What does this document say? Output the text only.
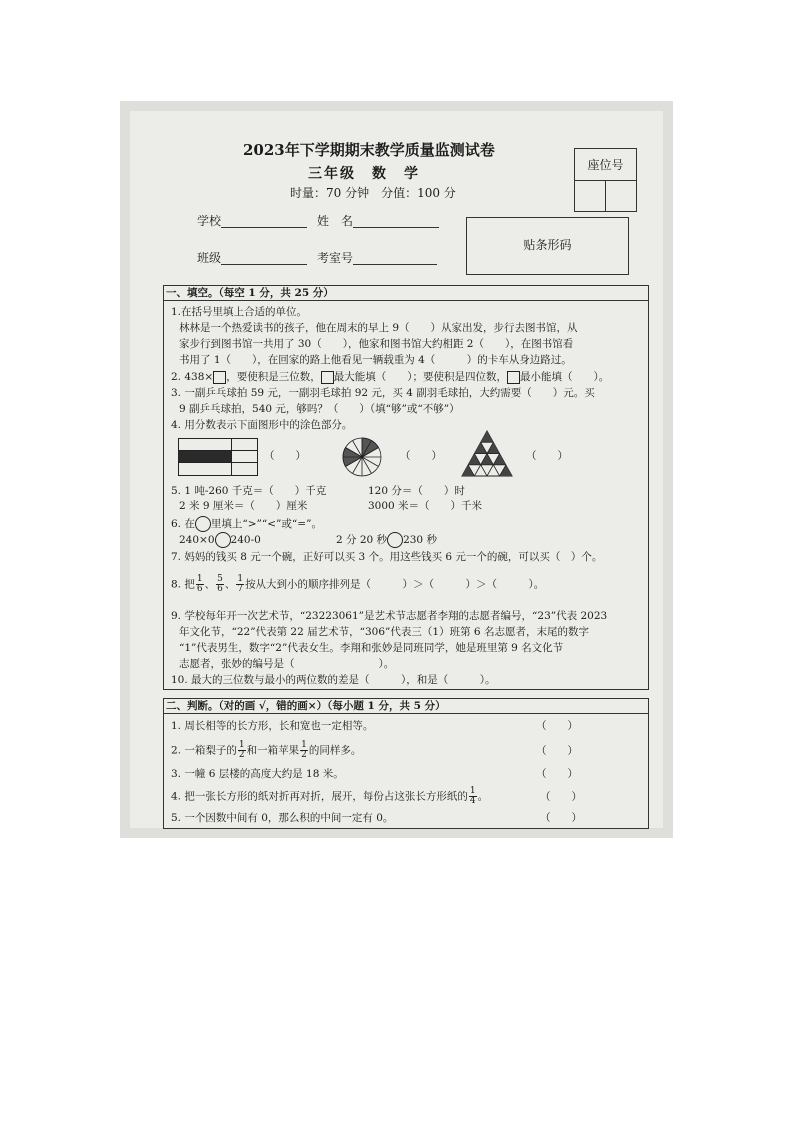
2023年下学期期末教学质量监测试卷
三年级　数　学
时量：70 分钟　分值：100 分
座位号
学校	姓　名
班级	考室号
贴条形码
一、填空。（每空 1 分，共 25 分）
1.在括号里填上合适的单位。
林林是一个热爱读书的孩子，他在周末的早上 9（　　）从家出发，步行去图书馆，从
家步行到图书馆一共用了 30（　　），他家和图书馆大约相距 2（　　），在图书馆看
书用了 1（　　），在回家的路上他看见一辆载重为 4（　　　）的卡车从身边路过。
2. 438× ，要使积是三位数， 最大能填（　　）；要使积是四位数， 最小能填（　　）。
3. 一副乒乓球拍 59 元，一副羽毛球拍 92 元，买 4 副羽毛球拍，大约需要（　　）元。买
9 副乒乓球拍，540 元，够吗？（　　）（填“够”或“不够”）
4. 用分数表示下面图形中的涂色部分。
（　　）	（　　）	（　　）
5. 1 吨-260 千克＝（　　）千克	120 分＝（　　）时
2 米 9 厘米＝（　　）厘米	3000 米＝（　　）千米
6. 在 里填上“>”“<”或“=”。
240×0 240-0	2 分 20 秒 230 秒
7. 妈妈的钱买 8 元一个碗，正好可以买 3 个。用这些钱买 6 元一个的碗，可以买（　）个。
8. 把 $\frac{1}{6}$ 、 $\frac{5}{6}$ 、 $\frac{1}{7}$ 按从大到小的顺序排列是（　　　）＞（　　　）＞（　　　）。
9. 学校每年开一次艺术节，“23223061”是艺术节志愿者李翔的志愿者编号，“23”代表 2023
年文化节，“22”代表第 22 届艺术节，“306”代表三（1）班第 6 名志愿者，末尾的数字
“1”代表男生，数字“2”代表女生。李翔和张妙是同班同学，她是班里第 9 名文化节
志愿者，张妙的编号是（　　　　　　　　）。
10. 最大的三位数与最小的两位数的差是（　　　），和是（　　　）。
二、判断。（对的画 √，错的画×）（每小题 1 分，共 5 分）
1. 周长相等的长方形，长和宽也一定相等。	（　　）
2. 一箱梨子的 $\frac{1}{2}$ 和一箱苹果 $\frac{1}{2}$ 的同样多。	（　　）
3. 一幢 6 层楼的高度大约是 18 米。	（　　）
4. 把一张长方形的纸对折再对折，展开，每份占这张长方形纸的 $\frac{1}{4}$ 。	（　　）
5. 一个因数中间有 0，那么积的中间一定有 0。	（　　）
